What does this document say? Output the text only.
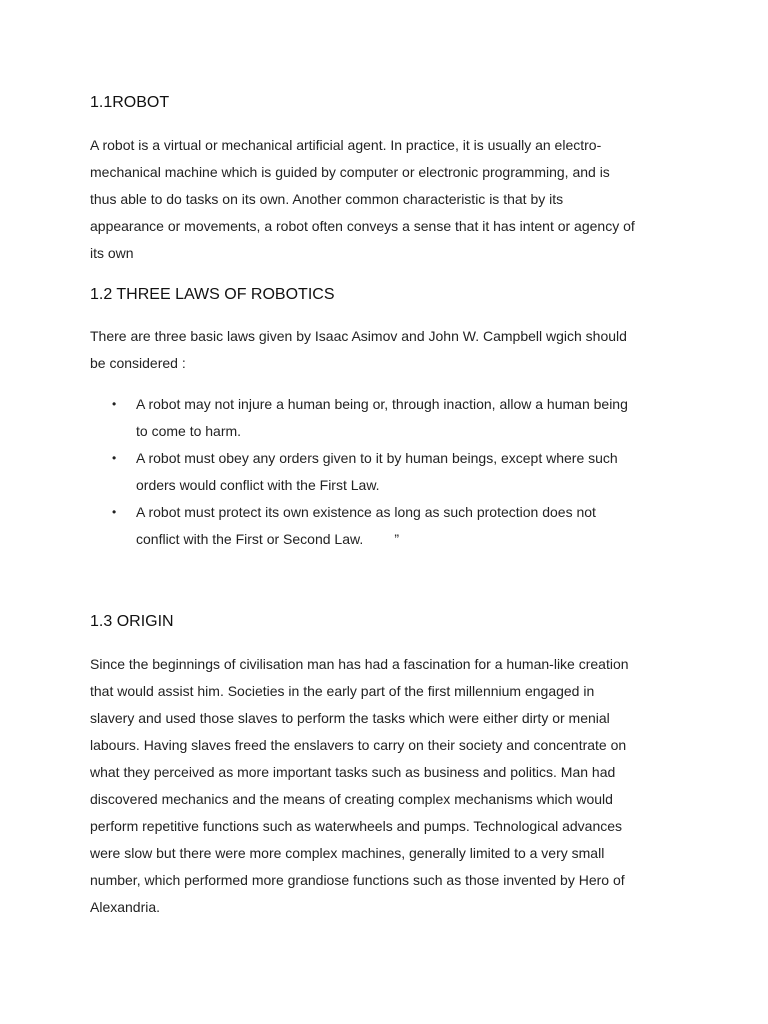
1.1ROBOT
A robot is a virtual or mechanical artificial agent. In practice, it is usually an electro-
mechanical machine which is guided by computer or electronic programming, and is
thus able to do tasks on its own. Another common characteristic is that by its
appearance or movements, a robot often conveys a sense that it has intent or agency of
its own
1.2 THREE LAWS OF ROBOTICS
There are three basic laws given by Isaac Asimov and John W. Campbell wgich should
be considered :
• A robot may not injure a human being or, through inaction, allow a human being
to come to harm.
• A robot must obey any orders given to it by human beings, except where such
orders would conflict with the First Law.
• A robot must protect its own existence as long as such protection does not
conflict with the First or Second Law.        ”
1.3 ORIGIN
Since the beginnings of civilisation man has had a fascination for a human-like creation
that would assist him. Societies in the early part of the first millennium engaged in
slavery and used those slaves to perform the tasks which were either dirty or menial
labours. Having slaves freed the enslavers to carry on their society and concentrate on
what they perceived as more important tasks such as business and politics. Man had
discovered mechanics and the means of creating complex mechanisms which would
perform repetitive functions such as waterwheels and pumps. Technological advances
were slow but there were more complex machines, generally limited to a very small
number, which performed more grandiose functions such as those invented by Hero of
Alexandria.
